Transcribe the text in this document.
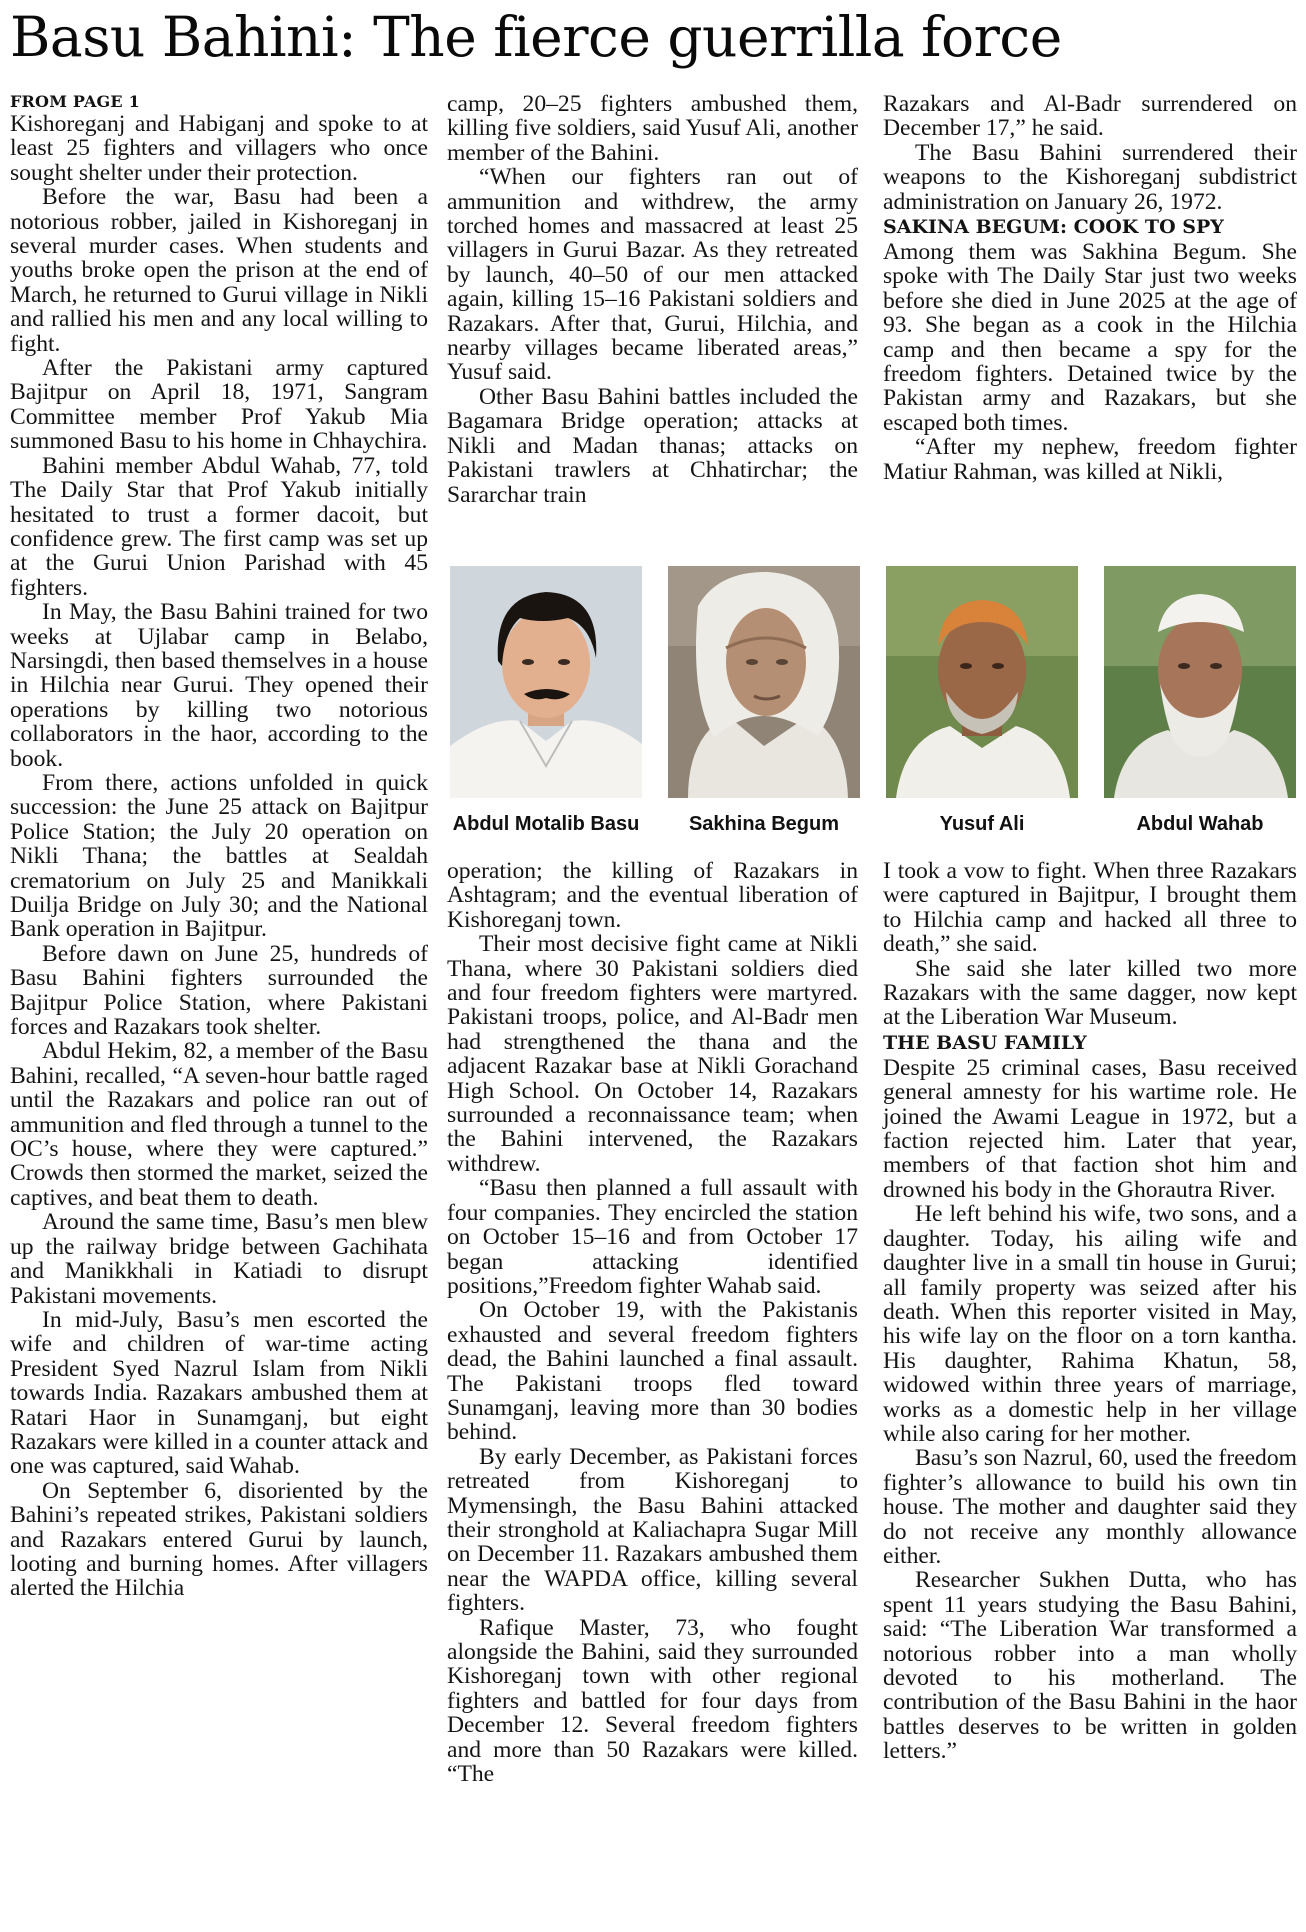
Basu Bahini: The fierce guerrilla force
FROM PAGE 1

Kishoreganj and Habiganj and spoke to at least 25 fighters and villagers who once sought shelter under their protection.

Before the war, Basu had been a notorious robber, jailed in Kishoreganj in several murder cases. When students and youths broke open the prison at the end of March, he returned to Gurui village in Nikli and rallied his men and any local willing to fight.

After the Pakistani army captured Bajitpur on April 18, 1971, Sangram Committee member Prof Yakub Mia summoned Basu to his home in Chhaychira.

Bahini member Abdul Wahab, 77, told The Daily Star that Prof Yakub initially hesitated to trust a former dacoit, but confidence grew. The first camp was set up at the Gurui Union Parishad with 45 fighters.

In May, the Basu Bahini trained for two weeks at Ujlabar camp in Belabo, Narsingdi, then based themselves in a house in Hilchia near Gurui. They opened their operations by killing two notorious collaborators in the haor, according to the book.

From there, actions unfolded in quick succession: the June 25 attack on Bajitpur Police Station; the July 20 operation on Nikli Thana; the battles at Sealdah crematorium on July 25 and Manikkali Duilja Bridge on July 30; and the National Bank operation in Bajitpur.

Before dawn on June 25, hundreds of Basu Bahini fighters surrounded the Bajitpur Police Station, where Pakistani forces and Razakars took shelter.

Abdul Hekim, 82, a member of the Basu Bahini, recalled, “A seven-hour battle raged until the Razakars and police ran out of ammunition and fled through a tunnel to the OC’s house, where they were captured.” Crowds then stormed the market, seized the captives, and beat them to death.

Around the same time, Basu’s men blew up the railway bridge between Gachihata and Manikkhali in Katiadi to disrupt Pakistani movements.

In mid-July, Basu’s men escorted the wife and children of war-time acting President Syed Nazrul Islam from Nikli towards India. Razakars ambushed them at Ratari Haor in Sunamganj, but eight Razakars were killed in a counter attack and one was captured, said Wahab.

On September 6, disoriented by the Bahini’s repeated strikes, Pakistani soldiers and Razakars entered Gurui by launch, looting and burning homes. After villagers alerted the Hilchia

camp, 20–25 fighters ambushed them, killing five soldiers, said Yusuf Ali, another member of the Bahini.

“When our fighters ran out of ammunition and withdrew, the army torched homes and massacred at least 25 villagers in Gurui Bazar. As they retreated by launch, 40–50 of our men attacked again, killing 15–16 Pakistani soldiers and Razakars. After that, Gurui, Hilchia, and nearby villages became liberated areas,” Yusuf said.

Other Basu Bahini battles included the Bagamara Bridge operation; attacks at Nikli and Madan thanas; attacks on Pakistani trawlers at Chhatirchar; the Sararchar train

Razakars and Al-Badr surrendered on December 17,” he said.

The Basu Bahini surrendered their weapons to the Kishoreganj subdistrict administration on January 26, 1972.

SAKINA BEGUM: COOK TO SPY

Among them was Sakhina Begum. She spoke with The Daily Star just two weeks before she died in June 2025 at the age of 93. She began as a cook in the Hilchia camp and then became a spy for the freedom fighters. Detained twice by the Pakistan army and Razakars, but she escaped both times.

“After my nephew, freedom fighter Matiur Rahman, was killed at Nikli,

Abdul Motalib Basu	Sakhina Begum	Yusuf Ali	Abdul Wahab

operation; the killing of Razakars in Ashtagram; and the eventual liberation of Kishoreganj town.

Their most decisive fight came at Nikli Thana, where 30 Pakistani soldiers died and four freedom fighters were martyred. Pakistani troops, police, and Al-Badr men had strengthened the thana and the adjacent Razakar base at Nikli Gorachand High School. On October 14, Razakars surrounded a reconnaissance team; when the Bahini intervened, the Razakars withdrew.

“Basu then planned a full assault with four companies. They encircled the station on October 15–16 and from October 17 began attacking identified positions,”Freedom fighter Wahab said.

On October 19, with the Pakistanis exhausted and several freedom fighters dead, the Bahini launched a final assault. The Pakistani troops fled toward Sunamganj, leaving more than 30 bodies behind.

By early December, as Pakistani forces retreated from Kishoreganj to Mymensingh, the Basu Bahini attacked their stronghold at Kaliachapra Sugar Mill on December 11. Razakars ambushed them near the WAPDA office, killing several fighters.

Rafique Master, 73, who fought alongside the Bahini, said they surrounded Kishoreganj town with other regional fighters and battled for four days from December 12. Several freedom fighters and more than 50 Razakars were killed. “The

I took a vow to fight. When three Razakars were captured in Bajitpur, I brought them to Hilchia camp and hacked all three to death,” she said.

She said she later killed two more Razakars with the same dagger, now kept at the Liberation War Museum.

THE BASU FAMILY

Despite 25 criminal cases, Basu received general amnesty for his wartime role. He joined the Awami League in 1972, but a faction rejected him. Later that year, members of that faction shot him and drowned his body in the Ghorautra River.

He left behind his wife, two sons, and a daughter. Today, his ailing wife and daughter live in a small tin house in Gurui; all family property was seized after his death. When this reporter visited in May, his wife lay on the floor on a torn kantha. His daughter, Rahima Khatun, 58, widowed within three years of marriage, works as a domestic help in her village while also caring for her mother.

Basu’s son Nazrul, 60, used the freedom fighter’s allowance to build his own tin house. The mother and daughter said they do not receive any monthly allowance either.

Researcher Sukhen Dutta, who has spent 11 years studying the Basu Bahini, said: “The Liberation War transformed a notorious robber into a man wholly devoted to his motherland. The contribution of the Basu Bahini in the haor battles deserves to be written in golden letters.”
